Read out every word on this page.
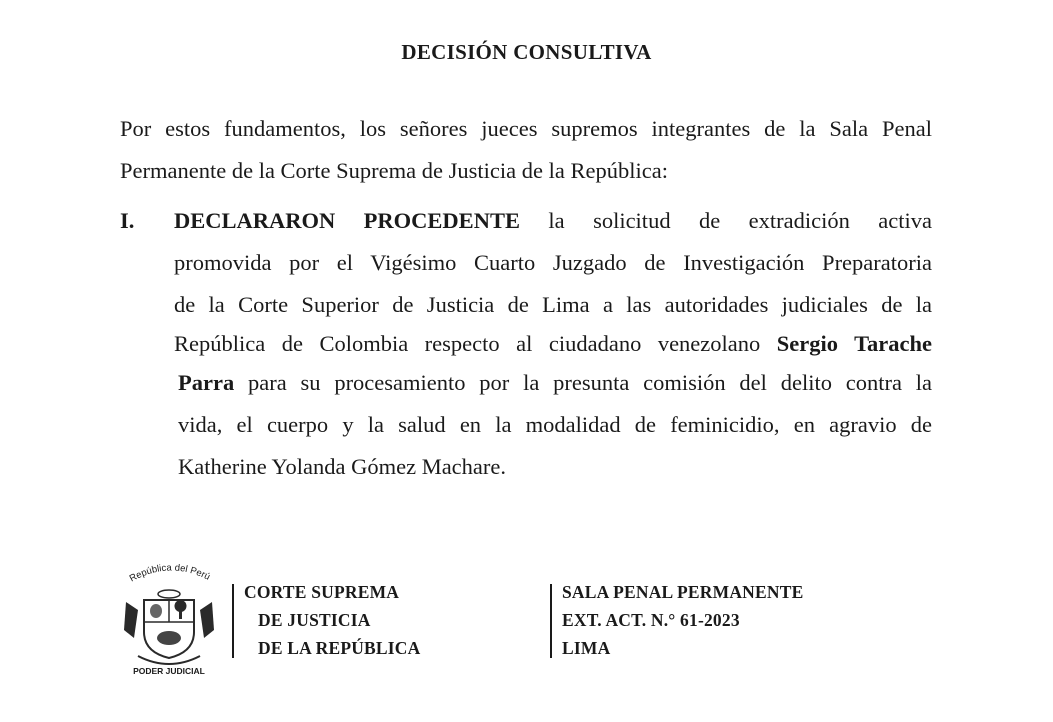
DECISIÓN CONSULTIVA
Por estos fundamentos, los señores jueces supremos integrantes de la Sala Penal
Permanente de la Corte Suprema de Justicia de la República:
I. DECLARARON PROCEDENTE la solicitud de extradición activa
promovida por el Vigésimo Cuarto Juzgado de Investigación Preparatoria
de la Corte Superior de Justicia de Lima a las autoridades judiciales de la
República de Colombia respecto al ciudadano venezolano Sergio Tarache
Parra para su procesamiento por la presunta comisión del delito contra la
vida, el cuerpo y la salud en la modalidad de feminicidio, en agravio de
Katherine Yolanda Gómez Machare.
República del Perú
PODER JUDICIAL
CORTE SUPREMA
DE JUSTICIA
DE LA REPÚBLICA
SALA PENAL PERMANENTE
EXT. ACT. N.° 61-2023
LIMA
